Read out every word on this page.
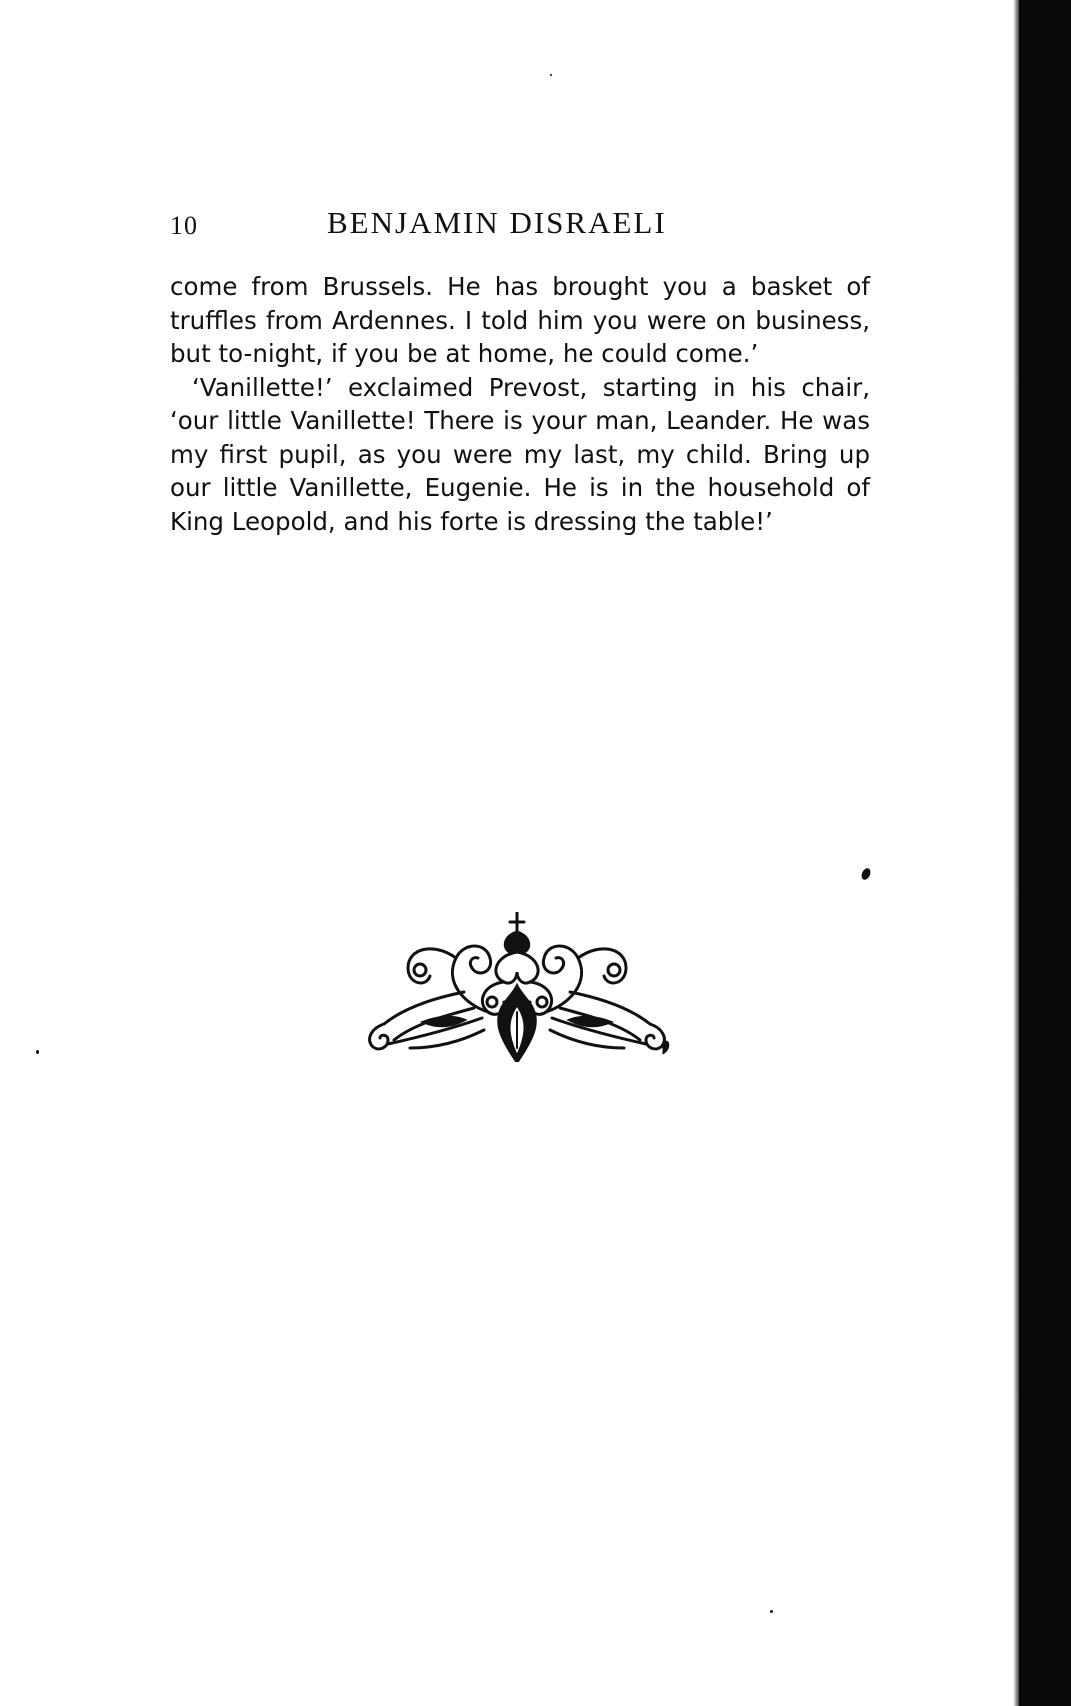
10	BENJAMIN DISRAELI

come from Brussels. He has brought you a basket of truffles from Ardennes. I told him you were on business, but to-night, if you be at home, he could come.’

‘Vanillette!’ exclaimed Prevost, starting in his chair, ‘our little Vanillette! There is your man, Leander. He was my first pupil, as you were my last, my child. Bring up our little Vanillette, Eugenie. He is in the household of King Leopold, and his forte is dressing the table!’
